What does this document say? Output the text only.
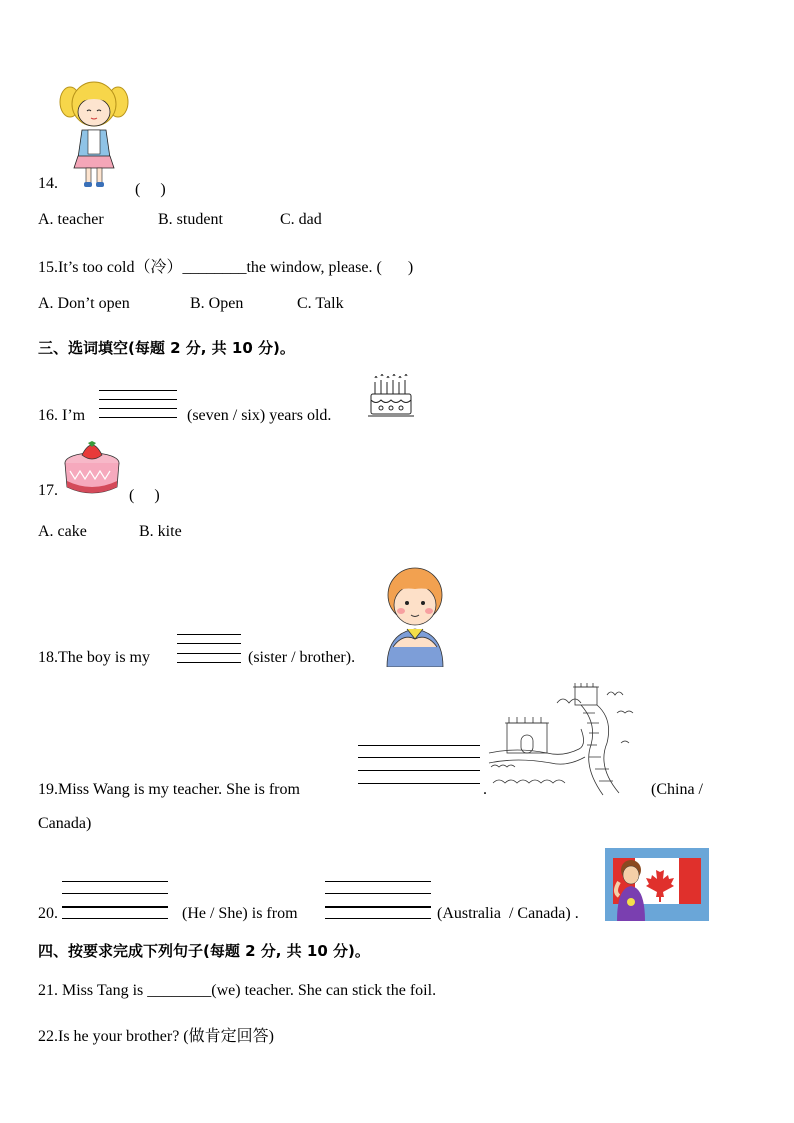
14.	(　 )
A. teacher	B. student	C. dad
15.It’s too cold（冷）________the window, please. ( )
A. Don’t open	B. Open	C. Talk
三、选词填空(每题 2 分, 共 10 分)。
16. I’m	(seven / six) years old.
17.	(　 )
A. cake	B. kite
18.The boy is my	(sister / brother).
19.Miss Wang is my teacher. She is from	.	(China /
Canada)
20.	(He / She) is from	(Australia  / Canada) .
四、按要求完成下列句子(每题 2 分, 共 10 分)。
21. Miss Tang is ________(we) teacher. She can stick the foil.
22.Is he your brother? (做肯定回答)
